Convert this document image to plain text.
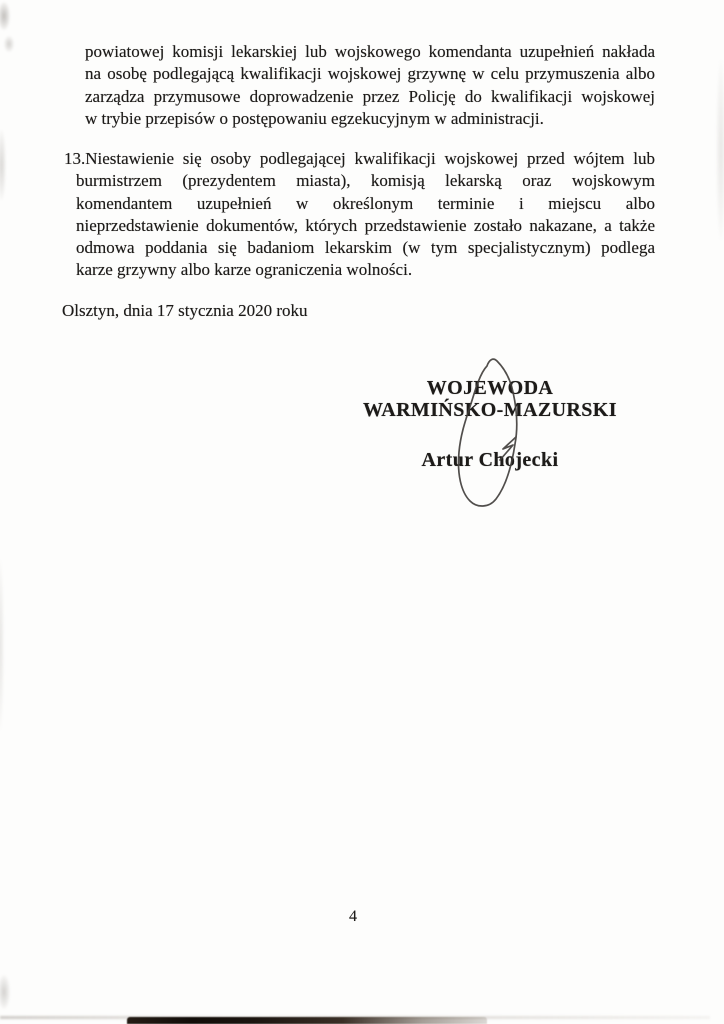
powiatowej komisji lekarskiej lub wojskowego komendanta uzupełnień nakłada
na osobę podlegającą kwalifikacji wojskowej grzywnę w celu przymuszenia albo
zarządza przymusowe doprowadzenie przez Policję do kwalifikacji wojskowej
w trybie przepisów o postępowaniu egzekucyjnym w administracji.
13.Niestawienie się osoby podlegającej kwalifikacji wojskowej przed wójtem lub
burmistrzem (prezydentem miasta), komisją lekarską oraz wojskowym
komendantem uzupełnień w określonym terminie i miejscu albo
nieprzedstawienie dokumentów, których przedstawienie zostało nakazane, a także
odmowa poddania się badaniom lekarskim (w tym specjalistycznym) podlega
karze grzywny albo karze ograniczenia wolności.
Olsztyn, dnia 17 stycznia 2020 roku
WOJEWODA
WARMIŃSKO-MAZURSKI
Artur Chojecki
4
